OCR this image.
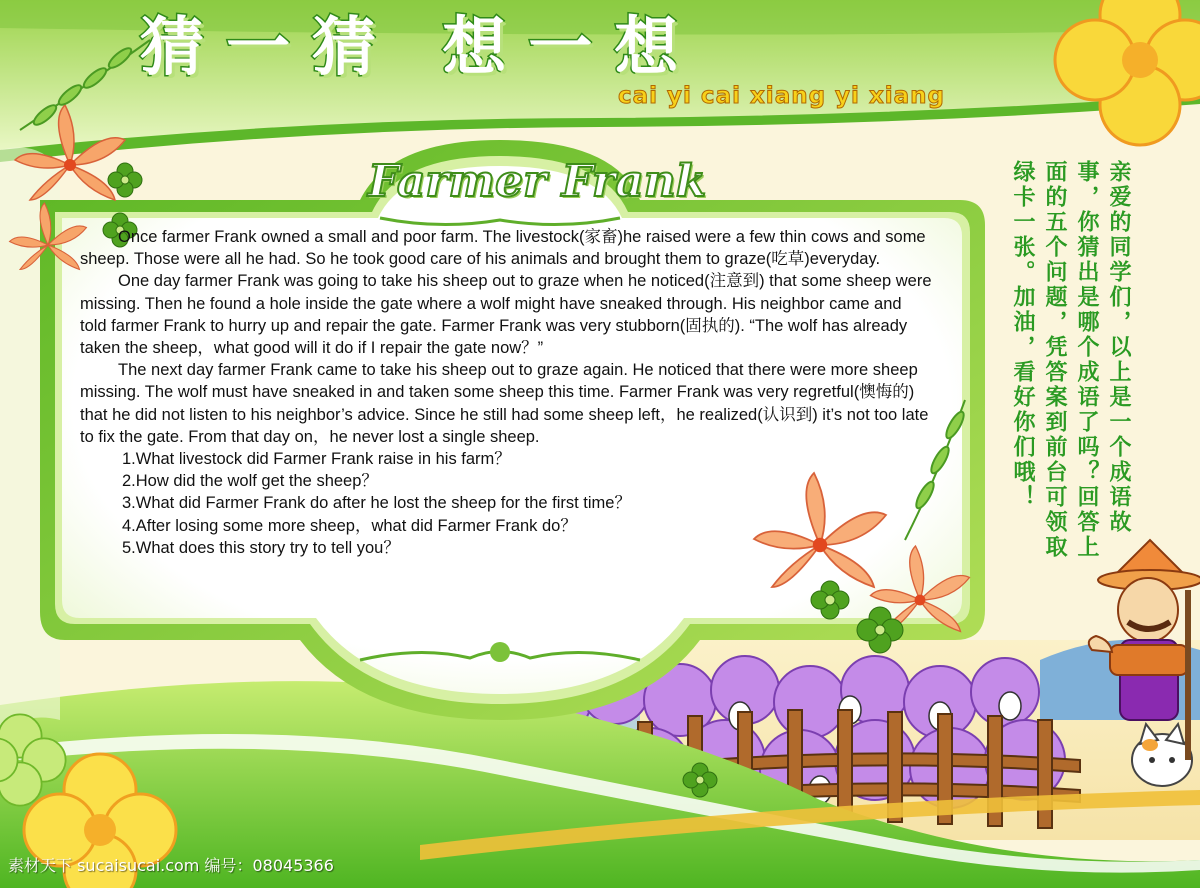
猜一猜 想一想
cai yi cai xiang yi xiang
Farmer Frank

Once farmer Frank owned a small and poor farm. The livestock(家畜)he raised were a few thin cows and some sheep. Those were all he had. So he took good care of his animals and brought them to graze(吃草)everyday.

One day farmer Frank was going to take his sheep out to graze when he noticed(注意到) that some sheep were missing. Then he found a hole inside the gate where a wolf might have sneaked through. His neighbor came and told farmer Frank to hurry up and repair the gate. Farmer Frank was very stubborn(固执的). “The wolf has already taken the sheep，what good will it do if I repair the gate now？”

The next day farmer Frank came to take his sheep out to graze again. He noticed that there were more sheep missing. The wolf must have sneaked in and taken some sheep this time. Farmer Frank was very regretful(懊悔的) that he did not listen to his neighbor’s advice. Since he still had some sheep left，he realized(认识到) it’s not too late to fix the gate. From that day on，he never lost a single sheep.

1.What livestock did Farmer Frank raise in his farm？
2.How did the wolf get the sheep？
3.What did Farmer Frank do after he lost the sheep for the first time？
4.After losing some more sheep，what did Farmer Frank do？
5.What does this story try to tell you？
亲爱的同学们，以上是一个成语故事，你猜出是哪个成语了吗？回答上面的五个问题，凭答案到前台可领取绿卡一张。加油，看好你们哦！
素材天下 sucaisucai.com 编号：08045366
